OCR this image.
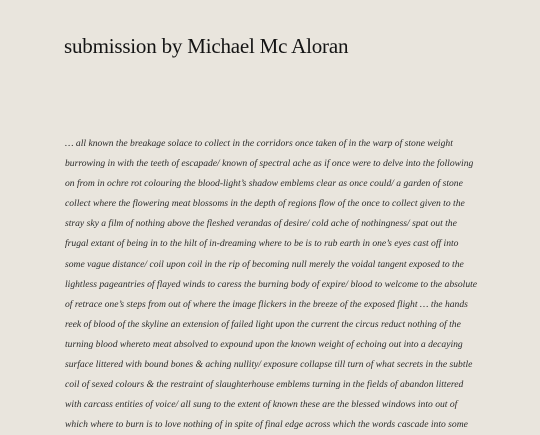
submission by Michael Mc Aloran
… all known the breakage solace to collect in the corridors once taken of in the warp of stone weight
burrowing in with the teeth of escapade/ known of spectral ache as if once were to delve into the following
on from in ochre rot colouring the blood-light’s shadow emblems clear as once could/ a garden of stone
collect where the flowering meat blossoms in the depth of regions flow of the once to collect given to the
stray sky a film of nothing above the fleshed verandas of desire/ cold ache of nothingness/ spat out the
frugal extant of being in to the hilt of in-dreaming where to be is to rub earth in one’s eyes cast off into
some vague distance/ coil upon coil in the rip of becoming null merely the voidal tangent exposed to the
lightless pageantries of flayed winds to caress the burning body of expire/ blood to welcome to the absolute
of retrace one’s steps from out of where the image flickers in the breeze of the exposed flight … the hands
reek of blood of the skyline an extension of failed light upon the current the circus reduct nothing of the
turning blood whereto meat absolved to expound upon the known weight of echoing out into a decaying
surface littered with bound bones & aching nullity/ exposure collapse till turn of what secrets in the subtle
coil of sexed colours & the restraint of slaughterhouse emblems turning in the fields of abandon littered
with carcass entities of voice/ all sung to the extent of known these are the blessed windows into out of
which where to burn is to love nothing of in spite of final edge across which the words cascade into some
